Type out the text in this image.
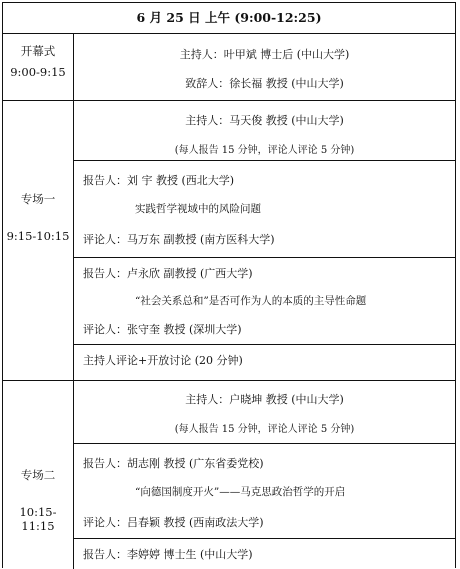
6 月 25 日 上午 (9:00-12:25)
开幕式
9:00-9:15
主持人：叶甲斌 博士后 (中山大学)
致辞人：徐长福 教授 (中山大学)
专场一
9:15-10:15
主持人：马天俊 教授 (中山大学)
(每人报告 15 分钟，评论人评论 5 分钟)
报告人：刘 宇 教授 (西北大学)
实践哲学视域中的风险问题
评论人：马万东 副教授 (南方医科大学)
报告人：卢永欣 副教授 (广西大学)
“社会关系总和”是否可作为人的本质的主导性命题
评论人：张守奎 教授 (深圳大学)
主持人评论+开放讨论 (20 分钟)
专场二
10:15-11:15
主持人：户晓坤 教授 (中山大学)
(每人报告 15 分钟，评论人评论 5 分钟)
报告人：胡志刚 教授 (广东省委党校)
“向德国制度开火”——马克思政治哲学的开启
评论人：吕春颖 教授 (西南政法大学)
报告人：李婷婷 博士生 (中山大学)
